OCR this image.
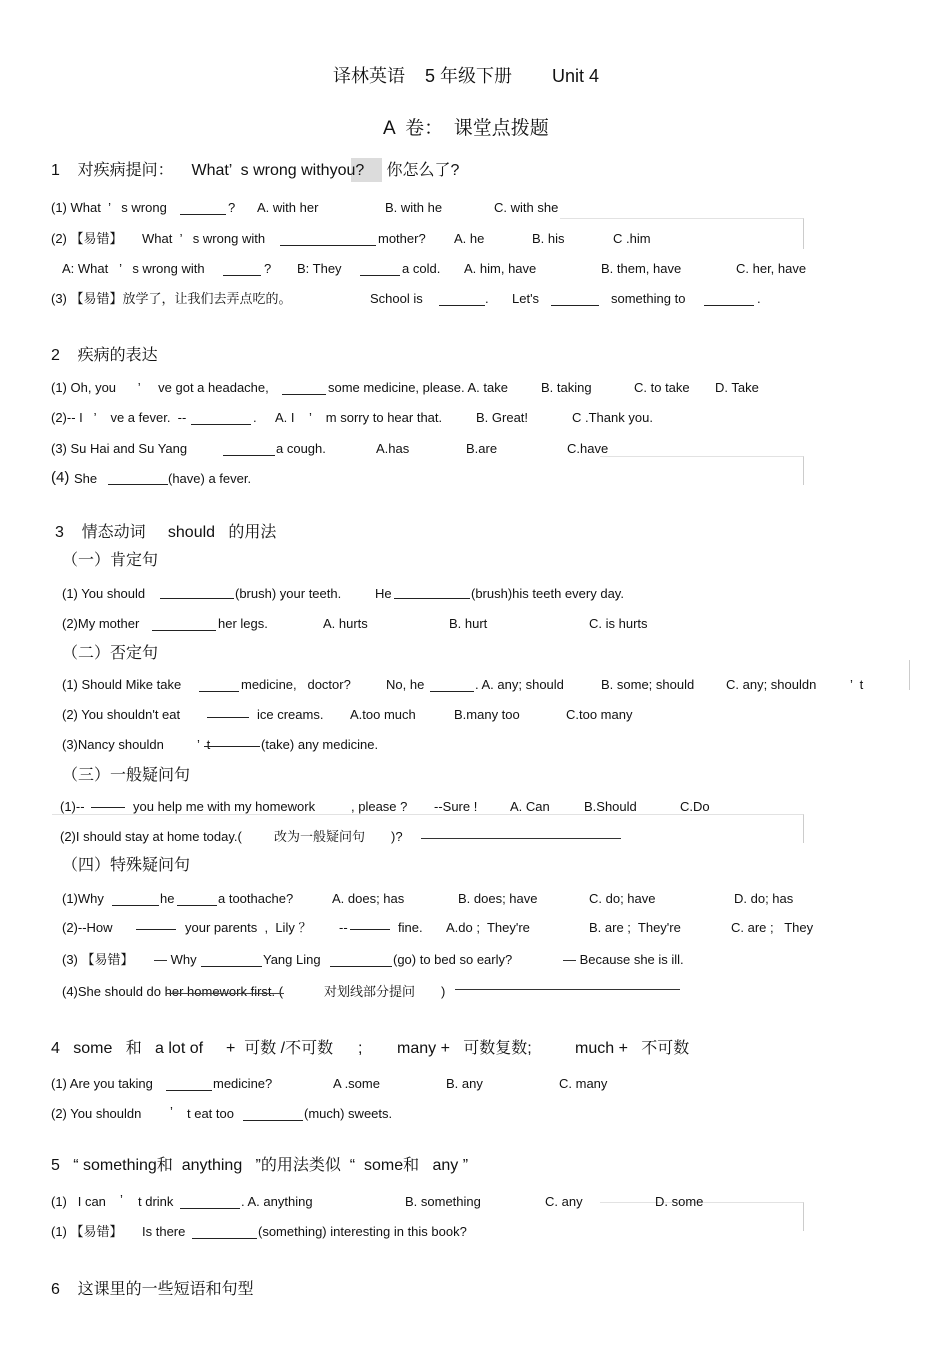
译林英语    5 年级下册        Unit 4
A  卷：  课堂点拨题
1    对疾病提问：    What’  s wrong withyou?     你怎么了?
(1) What  ’   s wrong	? A. with her	B. with he	C. with she
(2) 【易错】 What  ’   s wrong with	mother? A. he	B. his	C .him
A: What   ’   s wrong with	? B: They	a cold. A. him, have	B. them, have	C. her, have
(3) 【易错】放学了，让我们去弄点吃的。	School is	. Let's	something to	.
2    疾病的表达
(1) Oh, you      ’     ve got a headache,	some medicine, please. A. take	B. taking	C. to take D. Take
(2)-- I   ’    ve a fever.  --	. A. I    ’    m sorry to hear that.	B. Great!	C .Thank you.
(3) Su Hai and Su Yang	a cough.	A.has	B.are	C.have
(4) She	(have) a fever.
3    情态动词     should   的用法
（一）肯定句
(1) You should	(brush) your teeth.	He	(brush)his teeth every day.
(2)My mother	her legs.	A. hurts	B. hurt	C. is hurts
（二）否定句
(1) Should Mike take	medicine,   doctor?	No, he	. A. any; should	B. some; should C. any; shouldn	’  t
(2) You shouldn't eat	ice creams. A.too much	B.many too	C.too many
(3)Nancy shouldn	’  t	(take) any medicine.
（三）一般疑问句
(1)--	you help me with my homework	, please ? --Sure !	A. Can	B.Should	C.Do
(2)I should stay at home today.( 改为一般疑问句 )?
（四）特殊疑问句
(1)Why	he	a toothache?	A. does; has	B. does; have	C. do; have	D. do; has
(2)--How	your parents  ,  Lily ？ --	fine. A.do ;  They're	B. are ;  They're	C. are ;   They
(3) 【易错】 — Why	Yang Ling	(go) to bed so early?	— Because she is ill.
(4)She should do her homework first. (	对划线部分提问 )
4   some   和   a lot of +  可数 /不可数 ; many +   可数复数;	much +   不可数
(1) Are you taking	medicine?	A .some	B. any	C. many
(2) You shouldn ’ t eat too	(much) sweets.
5   “ something和  anything   ”的用法类似  “  some和   any ”
(1)   I can ’ t drink	. A. anything	B. something	C. any	D. some
(1) 【易错】 Is there	(something) interesting in this book?
6    这课里的一些短语和句型
